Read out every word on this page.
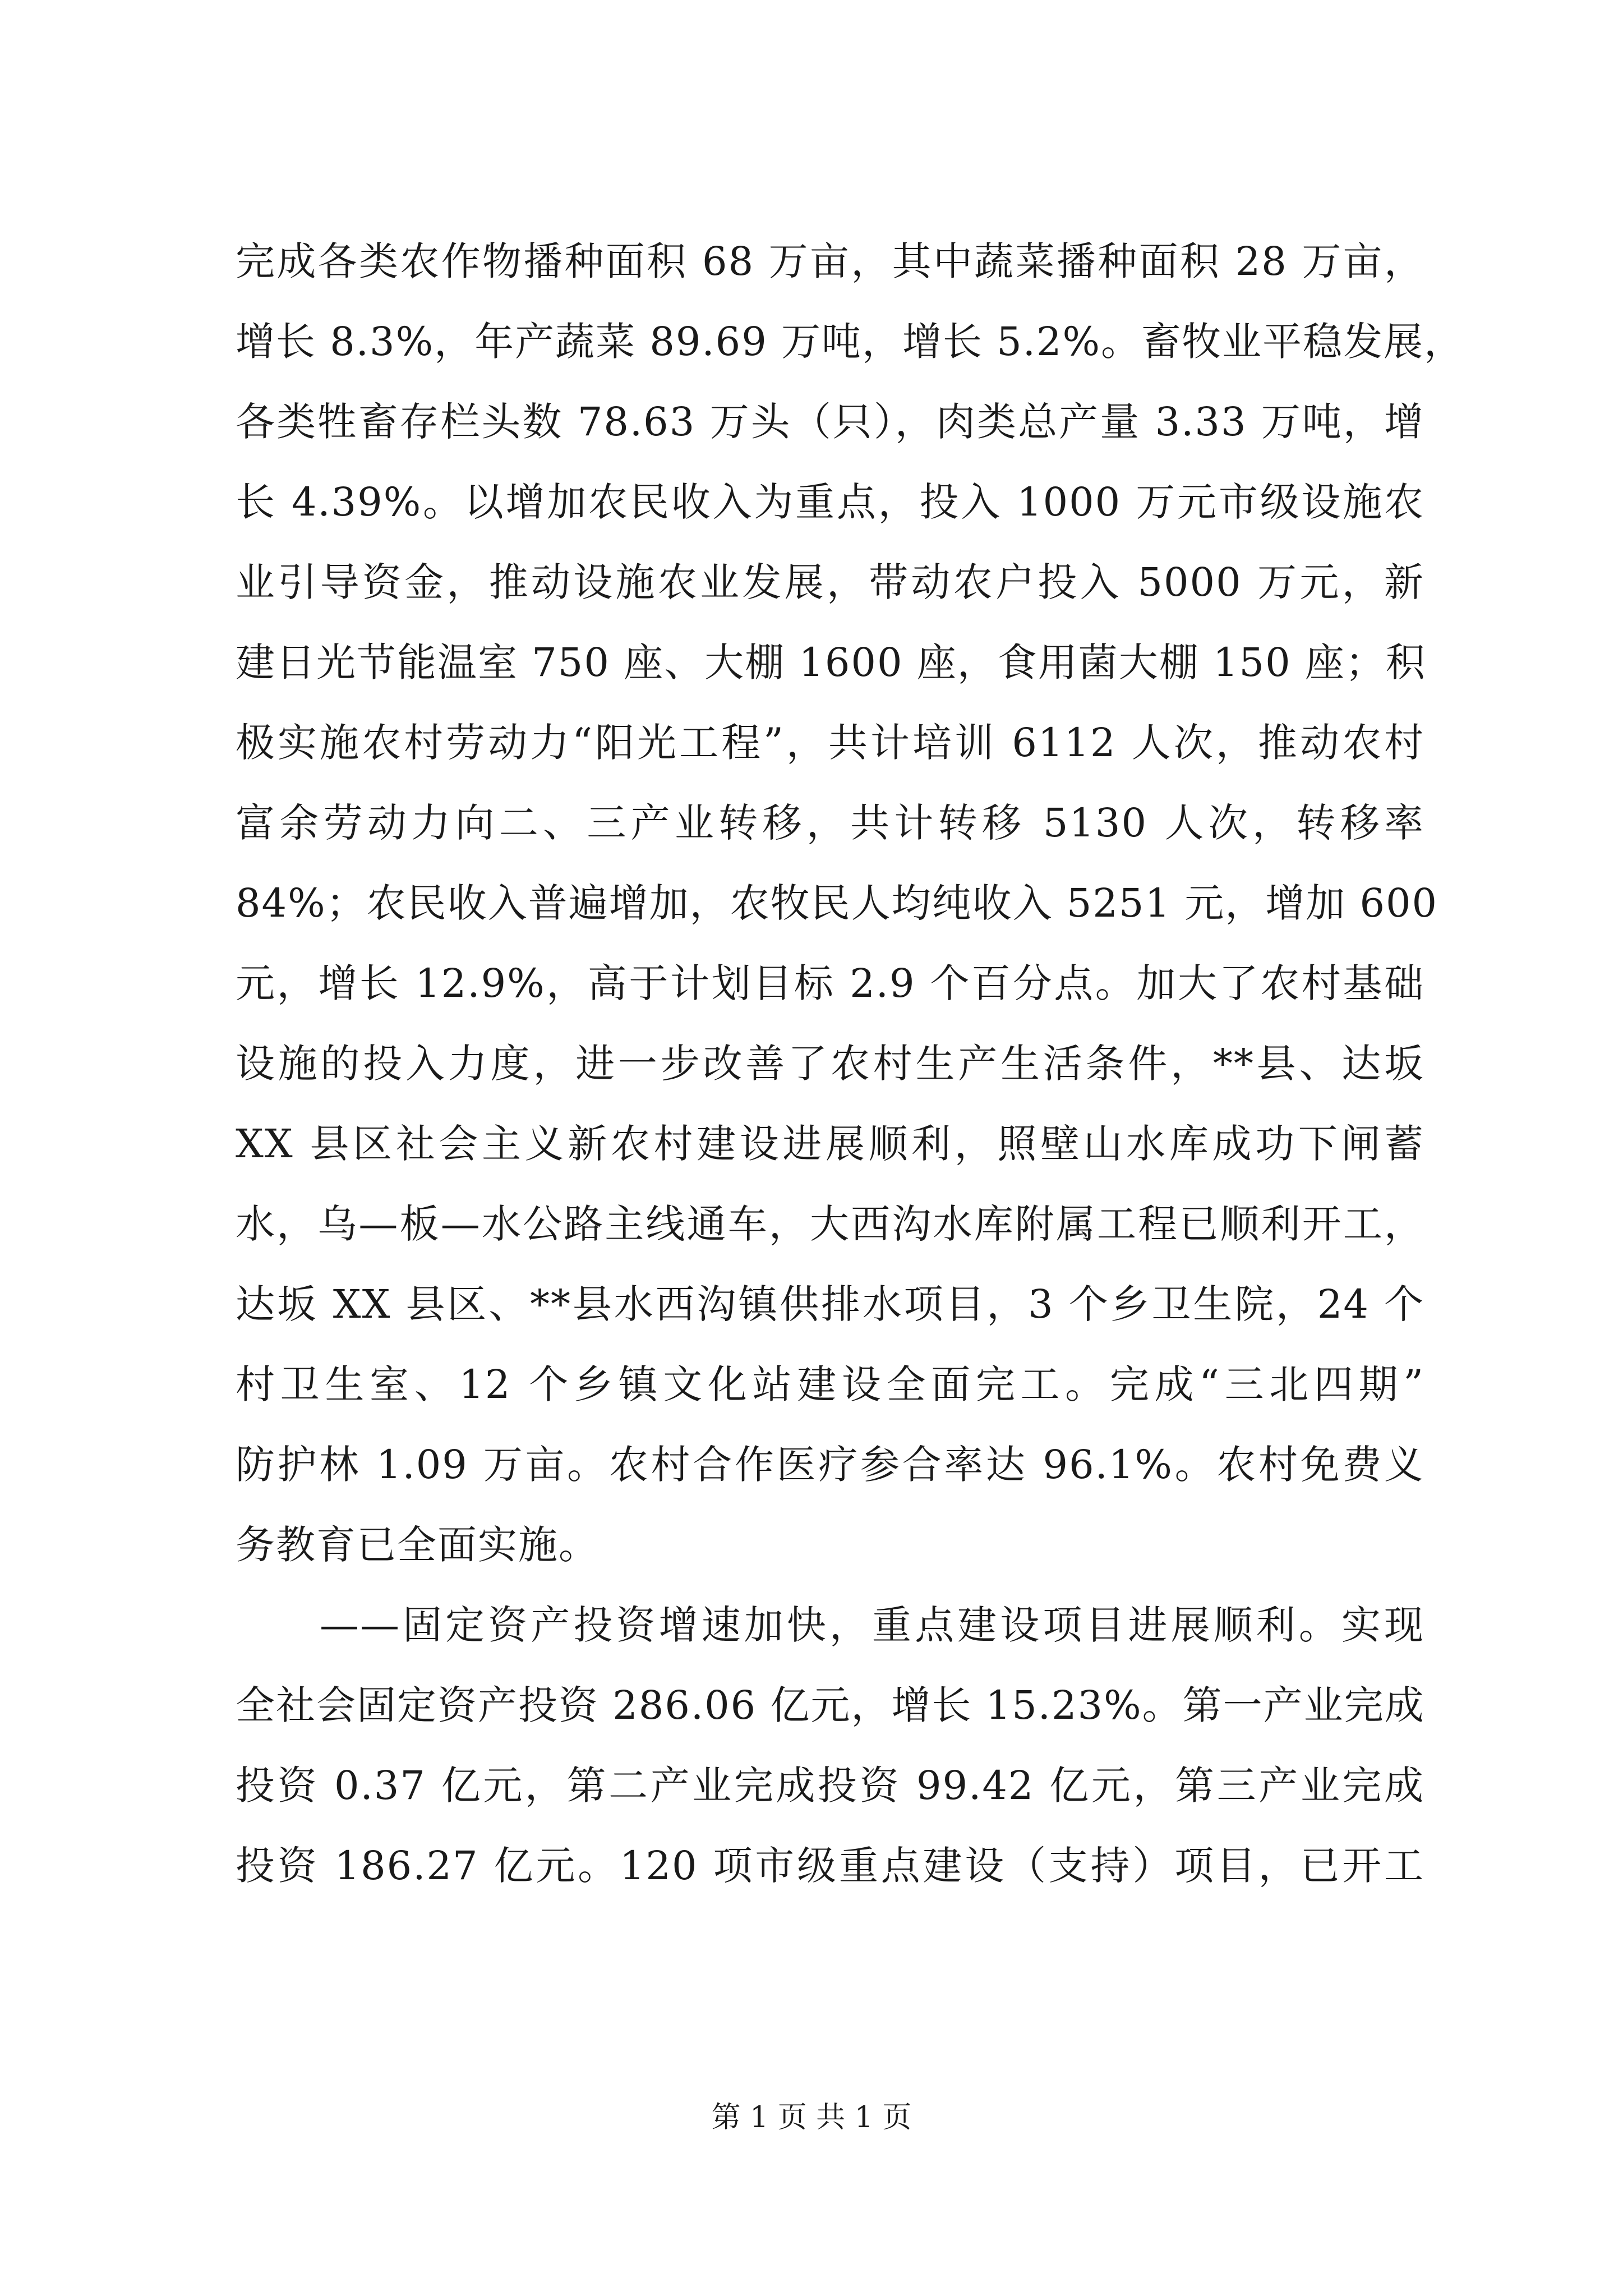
完成各类农作物播种面积 68 万亩，其中蔬菜播种面积 28 万亩，
增长 8.3%，年产蔬菜 89.69 万吨，增长 5.2%。畜牧业平稳发展，
各类牲畜存栏头数 78.63 万头（只），肉类总产量 3.33 万吨，增
长 4.39%。以增加农民收入为重点，投入 1000 万元市级设施农
业引导资金，推动设施农业发展，带动农户投入 5000 万元，新
建日光节能温室 750 座、大棚 1600 座，食用菌大棚 150 座；积
极实施农村劳动力“阳光工程”，共计培训 6112 人次，推动农村
富余劳动力向二、三产业转移，共计转移 5130 人次，转移率
84%；农民收入普遍增加，农牧民人均纯收入 5251 元，增加 600
元，增长 12.9%，高于计划目标 2.9 个百分点。加大了农村基础
设施的投入力度，进一步改善了农村生产生活条件，**县、达坂
XX 县区社会主义新农村建设进展顺利，照壁山水库成功下闸蓄
水，乌—板—水公路主线通车，大西沟水库附属工程已顺利开工，
达坂 XX 县区、**县水西沟镇供排水项目，3 个乡卫生院，24 个
村卫生室、12 个乡镇文化站建设全面完工。完成“三北四期”
防护林 1.09 万亩。农村合作医疗参合率达 96.1%。农村免费义
务教育已全面实施。
——固定资产投资增速加快，重点建设项目进展顺利。实现
全社会固定资产投资 286.06 亿元，增长 15.23%。第一产业完成
投资 0.37 亿元，第二产业完成投资 99.42 亿元，第三产业完成
投资 186.27 亿元。120 项市级重点建设（支持）项目，已开工
第 1 页 共 1 页
